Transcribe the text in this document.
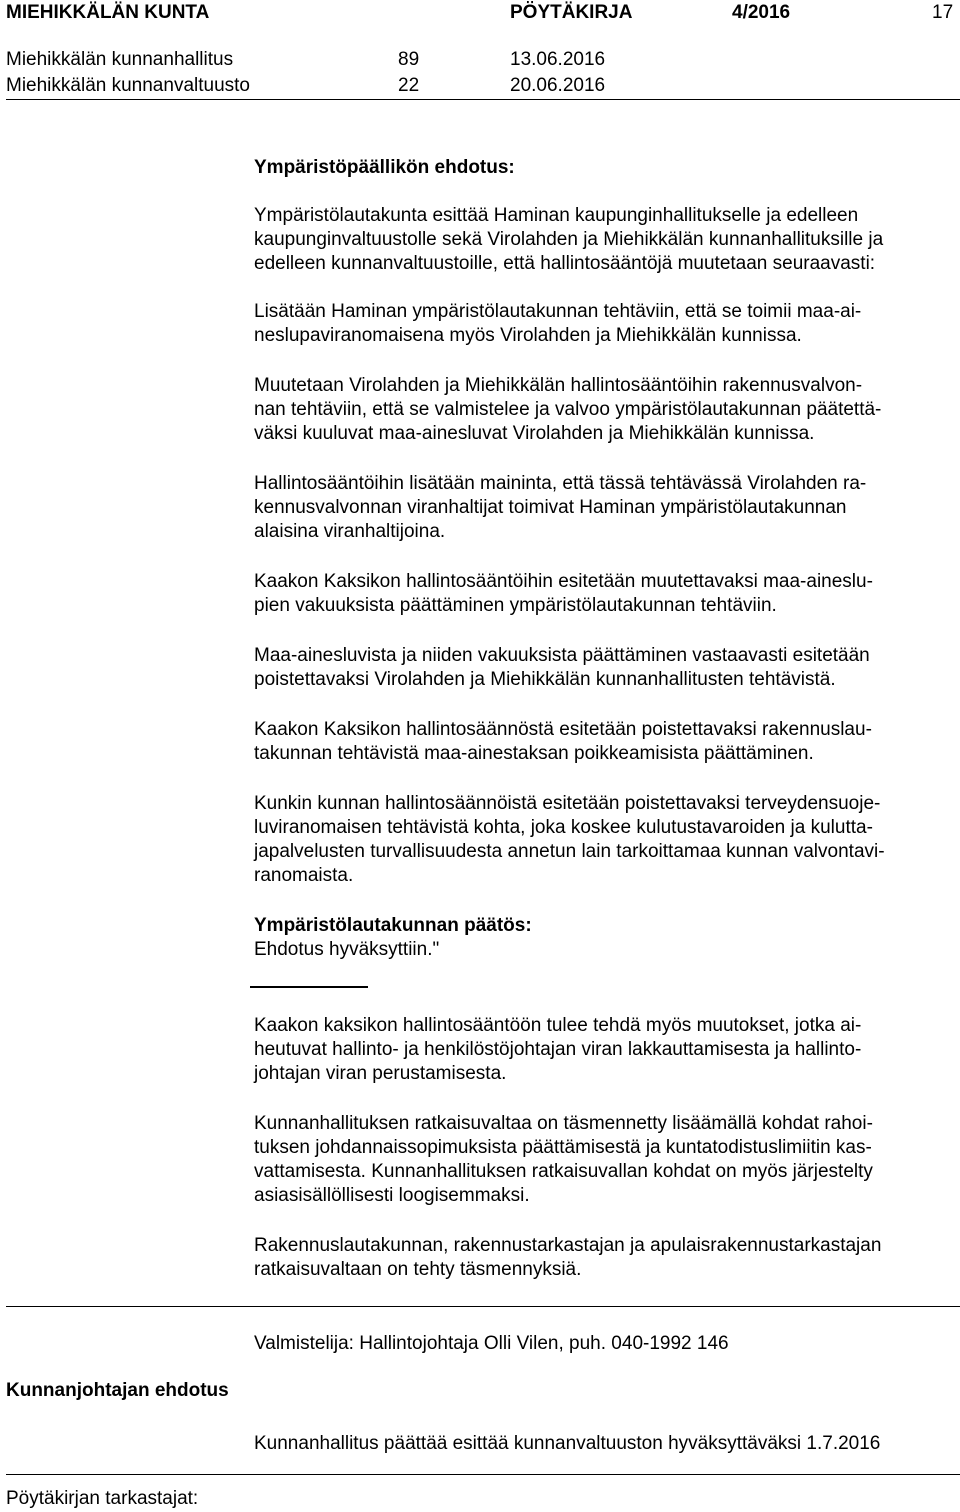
MIEHIKKÄLÄN KUNTA	PÖYTÄKIRJA	4/2016	17
Miehikkälän kunnanhallitus	89	13.06.2016
Miehikkälän kunnanvaltuusto	22	20.06.2016
Ympäristöpäällikön ehdotus:
Ympäristölautakunta esittää Haminan kaupunginhallitukselle ja edelleen
kaupunginvaltuustolle sekä Virolahden ja Miehikkälän kunnanhallituksille ja
edelleen kunnanvaltuustoille, että hallintosääntöjä muutetaan seuraavasti:
Lisätään Haminan ympäristölautakunnan tehtäviin, että se toimii maa-ai-
neslupaviranomaisena myös Virolahden ja Miehikkälän kunnissa.
Muutetaan Virolahden ja Miehikkälän hallintosääntöihin rakennusvalvon-
nan tehtäviin, että se valmistelee ja valvoo ympäristölautakunnan päätettä-
väksi kuuluvat maa-ainesluvat Virolahden ja Miehikkälän kunnissa.
Hallintosääntöihin lisätään maininta, että tässä tehtävässä Virolahden ra-
kennusvalvonnan viranhaltijat toimivat Haminan ympäristölautakunnan
alaisina viranhaltijoina.
Kaakon Kaksikon hallintosääntöihin esitetään muutettavaksi maa-aineslu-
pien vakuuksista päättäminen ympäristölautakunnan tehtäviin.
Maa-ainesluvista ja niiden vakuuksista päättäminen vastaavasti esitetään
poistettavaksi Virolahden ja Miehikkälän kunnanhallitusten tehtävistä.
Kaakon Kaksikon hallintosäännöstä esitetään poistettavaksi rakennuslau-
takunnan tehtävistä maa-ainestaksan poikkeamisista päättäminen.
Kunkin kunnan hallintosäännöistä esitetään poistettavaksi terveydensuoje-
luviranomaisen tehtävistä kohta, joka koskee kulutustavaroiden ja kulutta-
japalvelusten turvallisuudesta annetun lain tarkoittamaa kunnan valvontavi-
ranomaista.
Ympäristölautakunnan päätös:
Ehdotus hyväksyttiin."
Kaakon kaksikon hallintosääntöön tulee tehdä myös muutokset, jotka ai-
heutuvat hallinto- ja henkilöstöjohtajan viran lakkauttamisesta ja hallinto-
johtajan viran perustamisesta.
Kunnanhallituksen ratkaisuvaltaa on täsmennetty lisäämällä kohdat rahoi-
tuksen johdannaissopimuksista päättämisestä ja kuntatodistuslimiitin kas-
vattamisesta. Kunnanhallituksen ratkaisuvallan kohdat on myös järjestelty
asiasisällöllisesti loogisemmaksi.
Rakennuslautakunnan, rakennustarkastajan ja apulaisrakennustarkastajan
ratkaisuvaltaan on tehty täsmennyksiä.
Valmistelija: Hallintojohtaja Olli Vilen, puh. 040-1992 146
Kunnanjohtajan ehdotus
Kunnanhallitus päättää esittää kunnanvaltuuston hyväksyttäväksi 1.7.2016
Pöytäkirjan tarkastajat:
